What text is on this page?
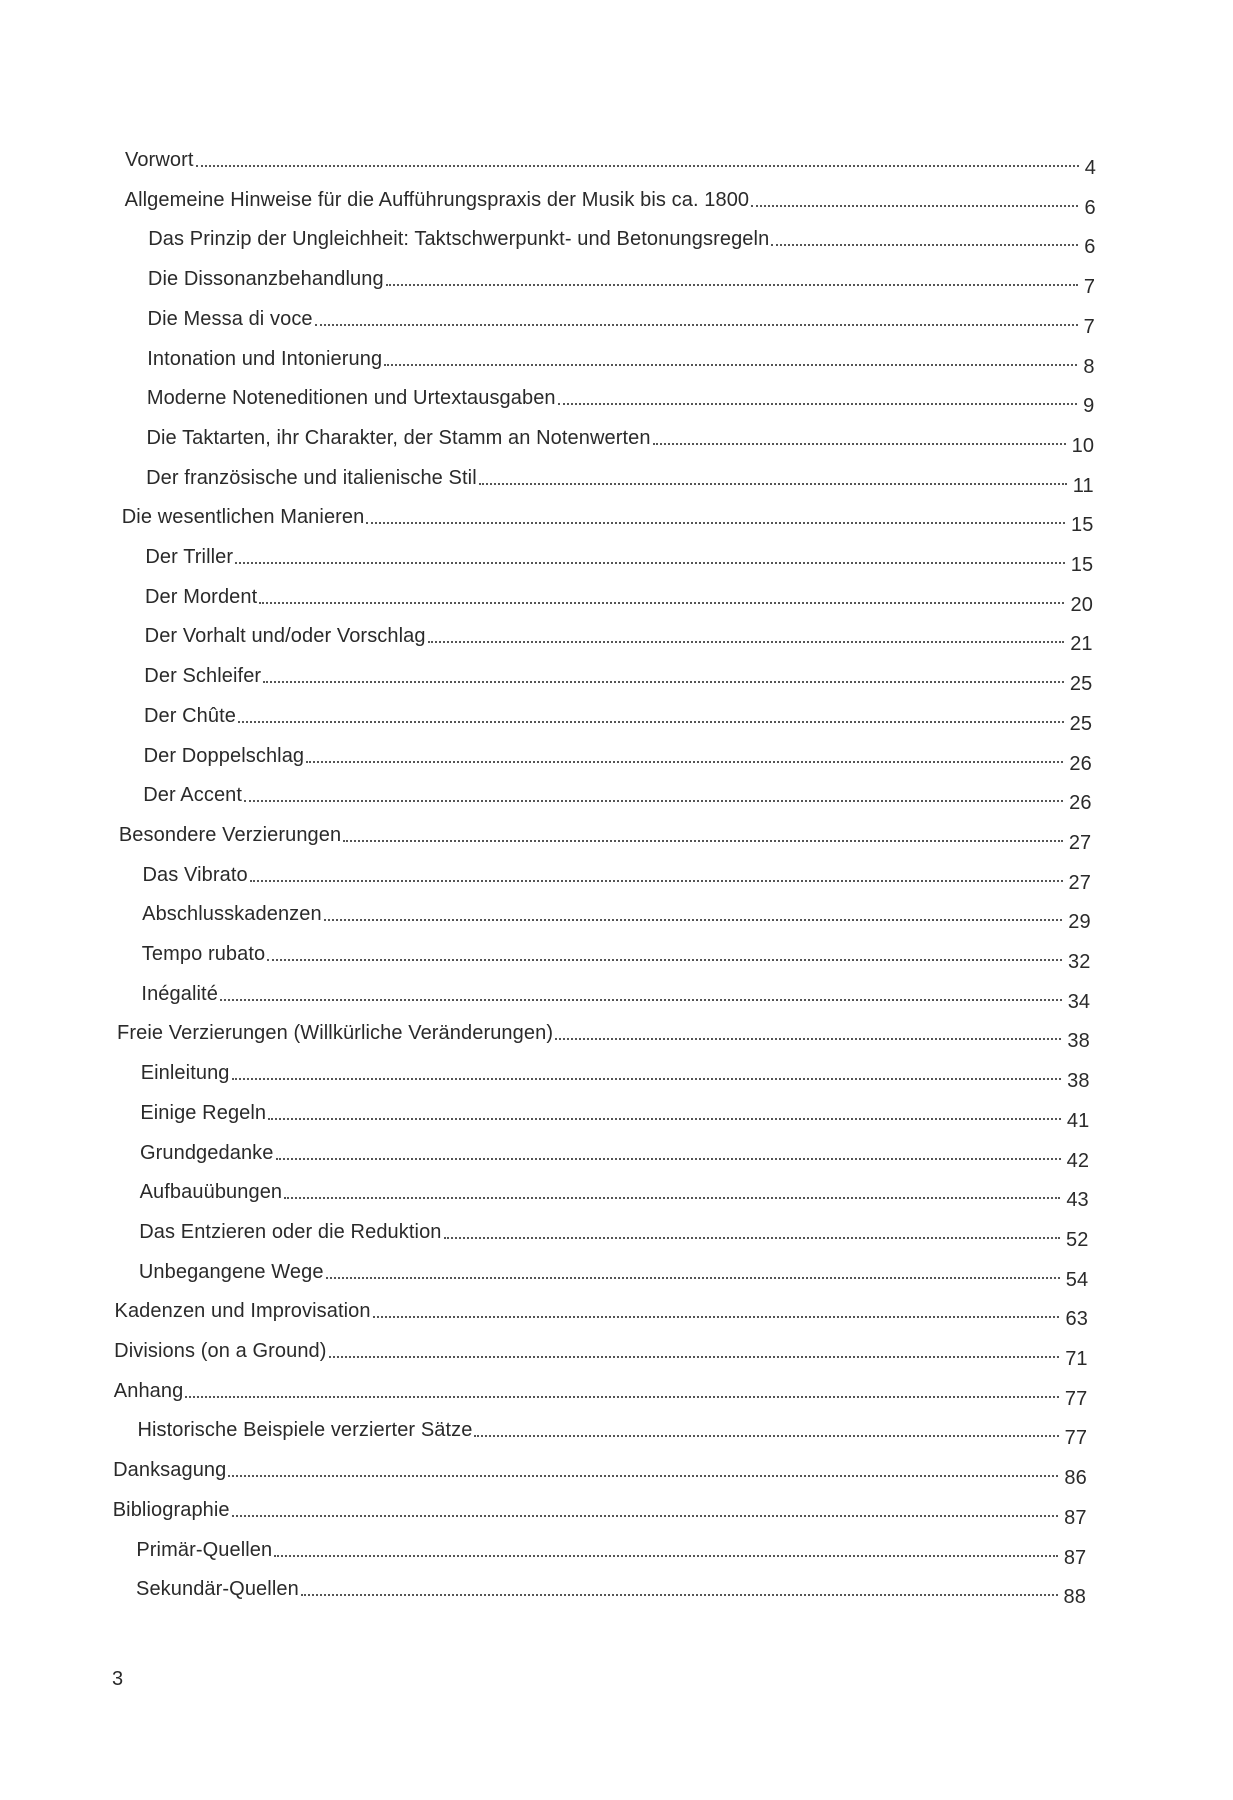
Vorwort	4
Allgemeine Hinweise für die Aufführungspraxis der Musik bis ca. 1800	6
Das Prinzip der Ungleichheit: Taktschwerpunkt- und Betonungsregeln	6
Die Dissonanzbehandlung	7
Die Messa di voce	7
Intonation und Intonierung	8
Moderne Noteneditionen und Urtextausgaben	9
Die Taktarten, ihr Charakter, der Stamm an Notenwerten	10
Der französische und italienische Stil	11
Die wesentlichen Manieren	15
Der Triller	15
Der Mordent	20
Der Vorhalt und/oder Vorschlag	21
Der Schleifer	25
Der Chûte	25
Der Doppelschlag	26
Der Accent	26
Besondere Verzierungen	27
Das Vibrato	27
Abschlusskadenzen	29
Tempo rubato	32
Inégalité	34
Freie Verzierungen (Willkürliche Veränderungen)	38
Einleitung	38
Einige Regeln	41
Grundgedanke	42
Aufbauübungen	43
Das Entzieren oder die Reduktion	52
Unbegangene Wege	54
Kadenzen und Improvisation	63
Divisions (on a Ground)	71
Anhang	77
Historische Beispiele verzierter Sätze	77
Danksagung	86
Bibliographie	87
Primär-Quellen	87
Sekundär-Quellen	88
3
